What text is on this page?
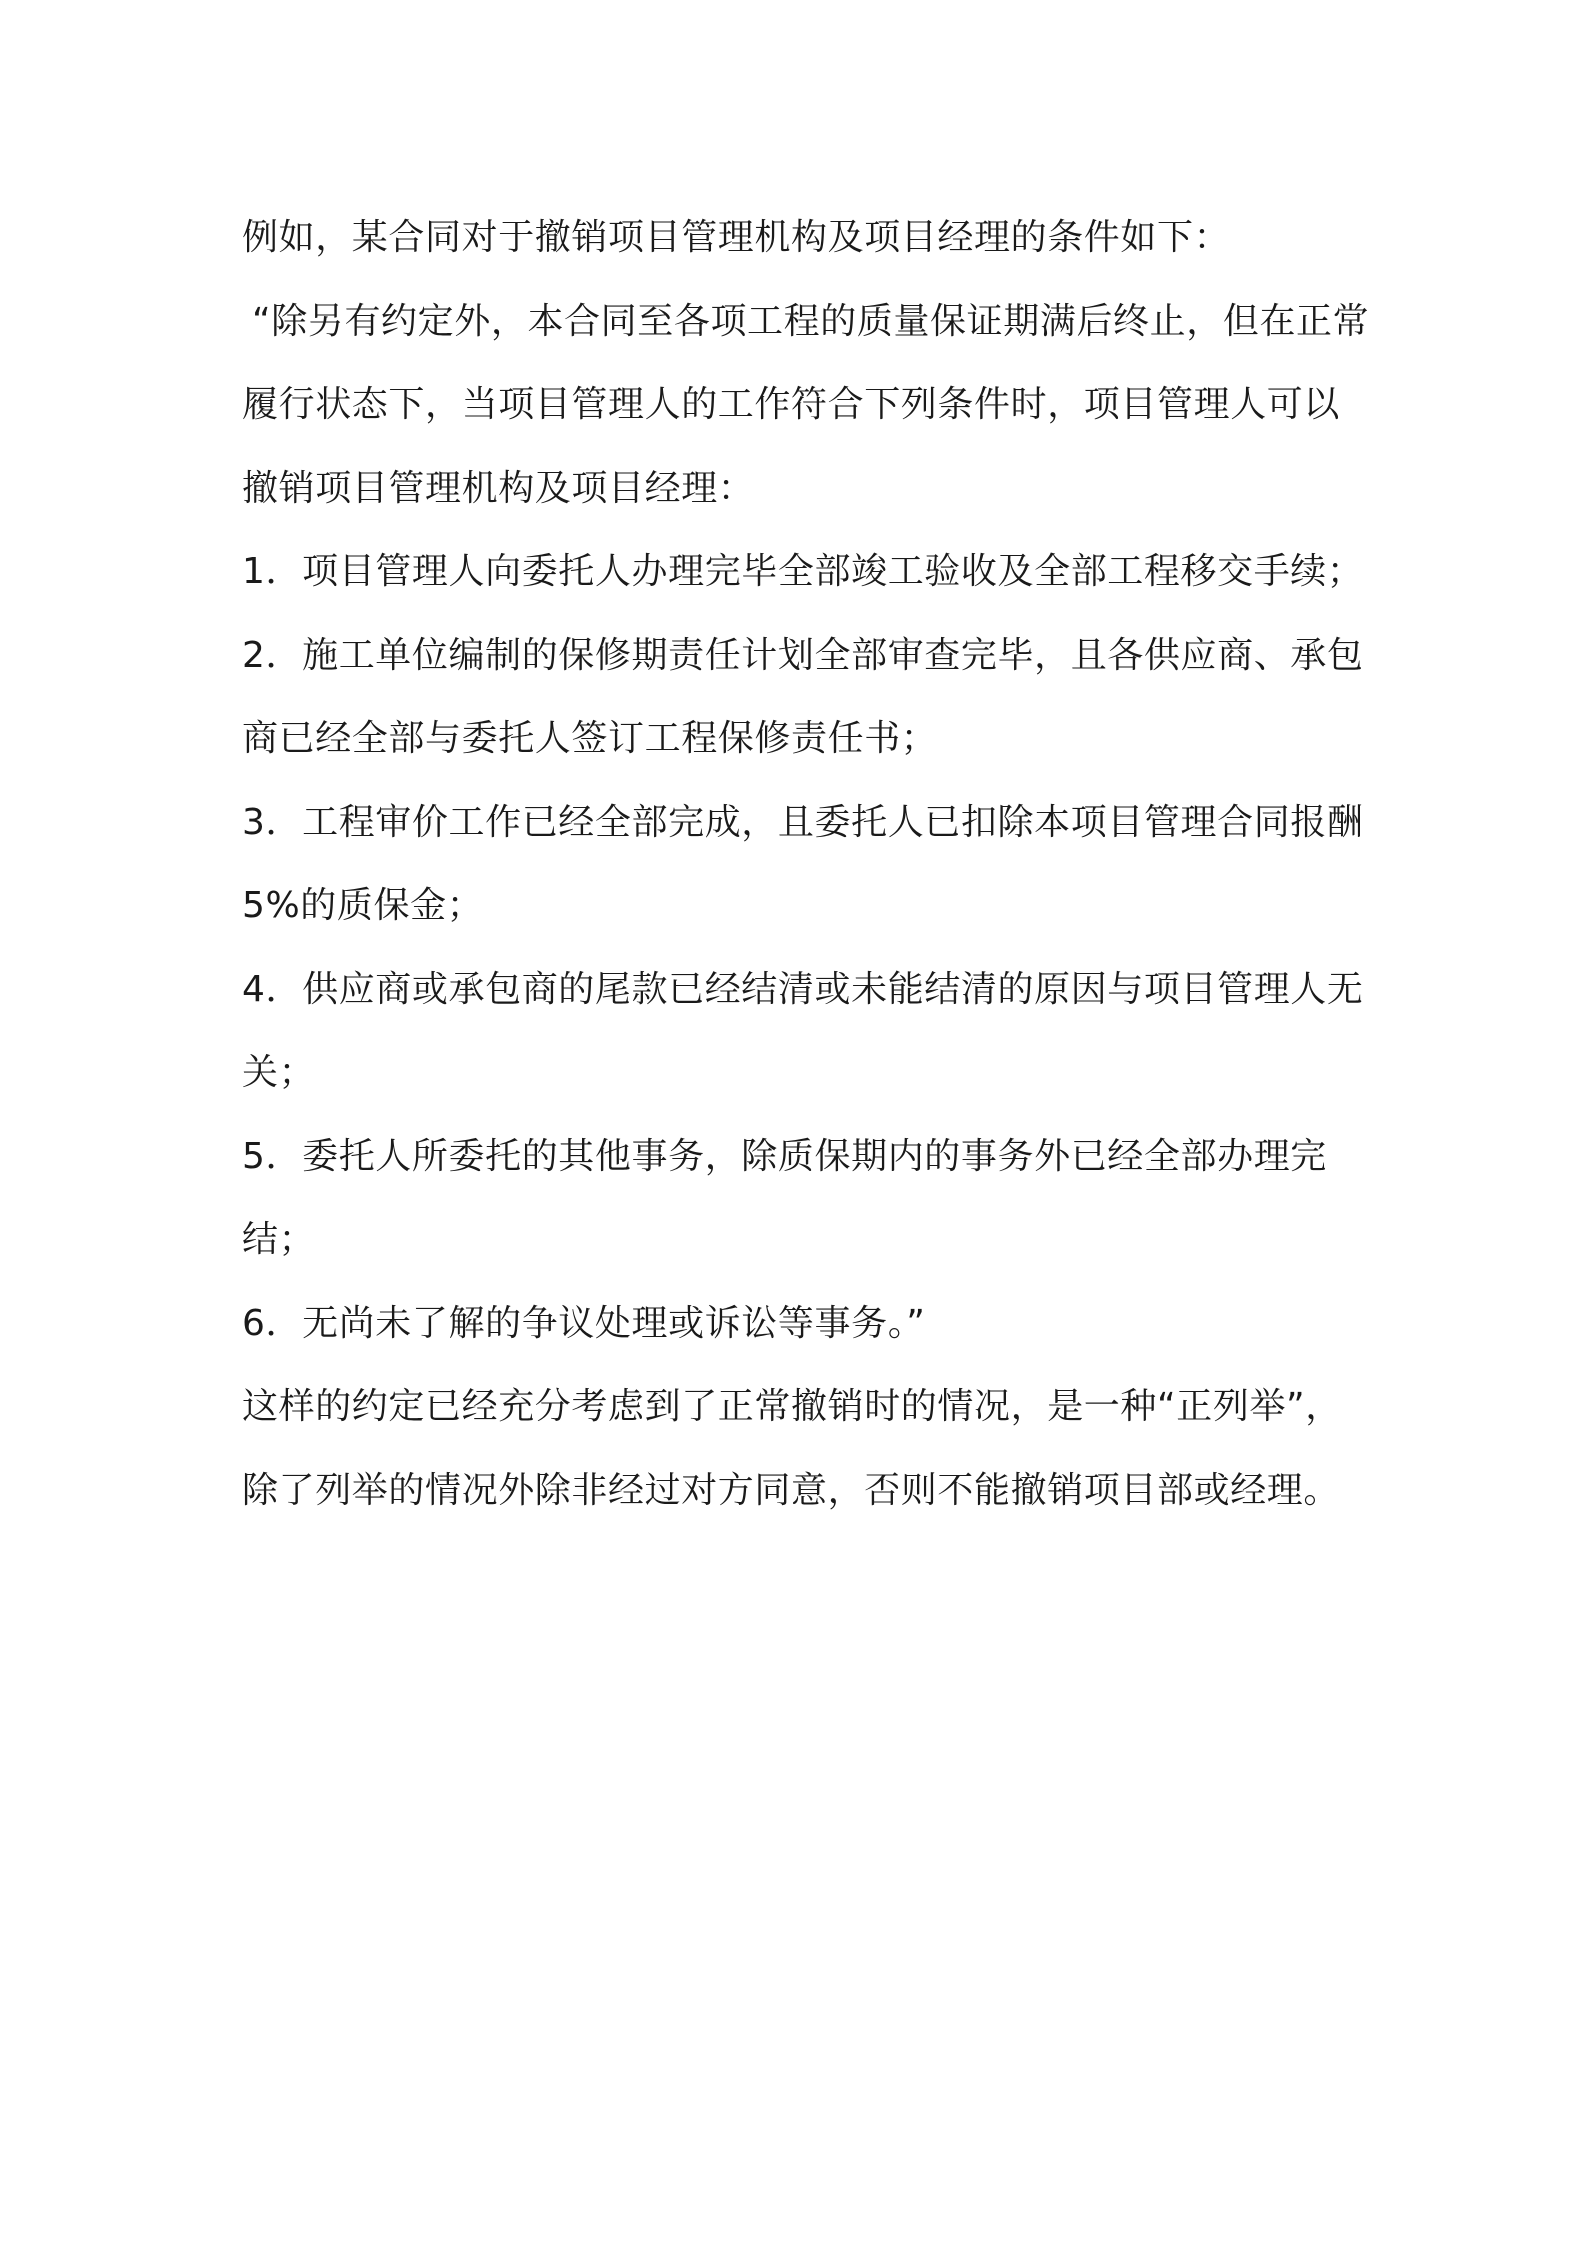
例如，某合同对于撤销项目管理机构及项目经理的条件如下：

“除另有约定外，本合同至各项工程的质量保证期满后终止，但在正常履行状态下，当项目管理人的工作符合下列条件时，项目管理人可以撤销项目管理机构及项目经理：

1．项目管理人向委托人办理完毕全部竣工验收及全部工程移交手续；

2．施工单位编制的保修期责任计划全部审查完毕，且各供应商、承包商已经全部与委托人签订工程保修责任书；

3．工程审价工作已经全部完成，且委托人已扣除本项目管理合同报酬 5%的质保金；

4．供应商或承包商的尾款已经结清或未能结清的原因与项目管理人无关；

5．委托人所委托的其他事务，除质保期内的事务外已经全部办理完结；

6．无尚未了解的争议处理或诉讼等事务。”

这样的约定已经充分考虑到了正常撤销时的情况，是一种“正列举”，除了列举的情况外除非经过对方同意，否则不能撤销项目部或经理。
